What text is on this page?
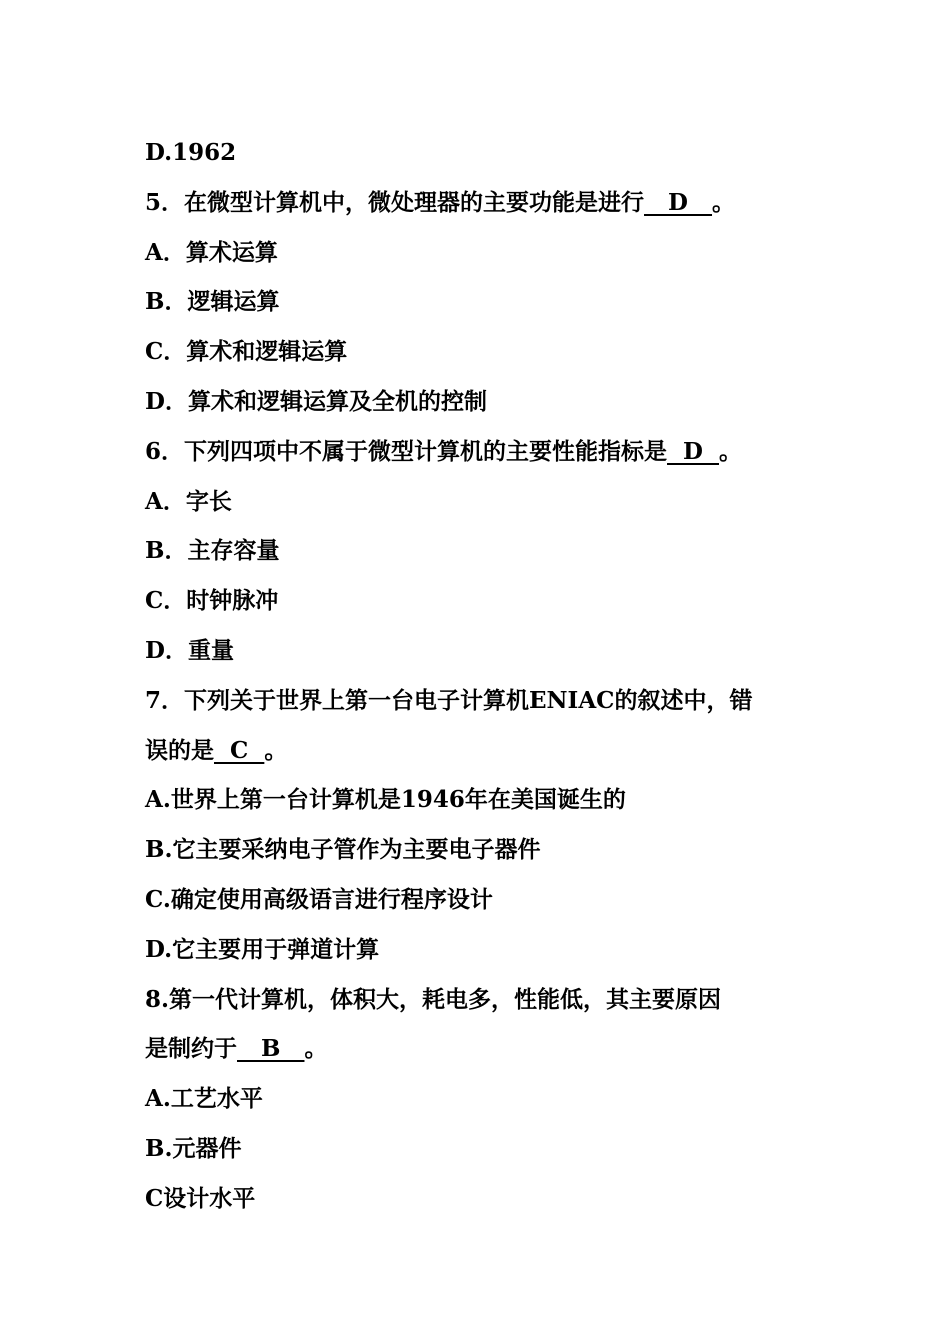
D.1962
5．在微型计算机中，微处理器的主要功能是进行   D   。
A．算术运算
B．逻辑运算
C．算术和逻辑运算
D．算术和逻辑运算及全机的控制
6．下列四项中不属于微型计算机的主要性能指标是  D  。
A．字长
B．主存容量
C．时钟脉冲
D．重量
7．下列关于世界上第一台电子计算机ENIAC的叙述中，错
误的是  C  。
A.世界上第一台计算机是1946年在美国诞生的
B.它主要采纳电子管作为主要电子器件
C.确定使用高级语言进行程序设计
D.它主要用于弹道计算
8.第一代计算机，体积大，耗电多，性能低，其主要原因
是制约于   B   。
A.工艺水平
B.元器件
C设计水平
